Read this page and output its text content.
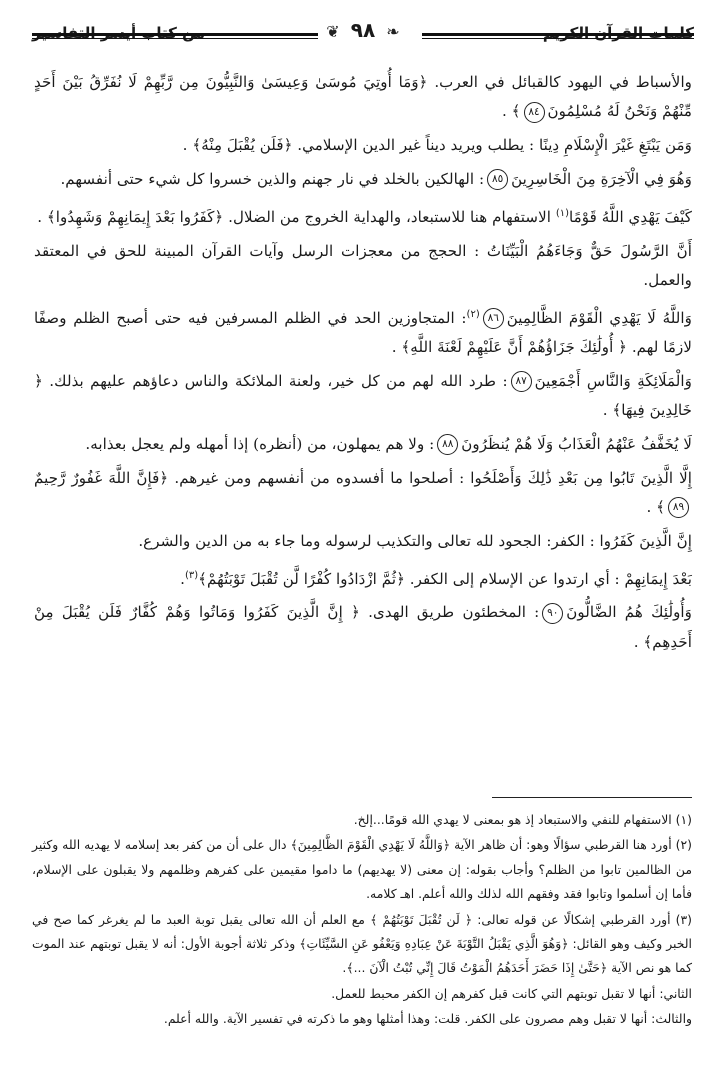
❦ ٩٨ ❧

والأسباط في اليهود كالقبائل في العرب. ﴿وَمَا أُوتِيَ مُوسَىٰ وَعِيسَىٰ وَالنَّبِيُّونَ مِن رَّبِّهِمْ لَا نُفَرِّقُ بَيْنَ أَحَدٍ مِّنْهُمْ وَنَحْنُ لَهُ مُسْلِمُونَ٨٤﴾ .

وَمَن يَبْتَغِ غَيْرَ الْإِسْلَامِ دِينًا : يطلب ويريد ديناً غير الدين الإسلامي. ﴿فَلَن يُقْبَلَ مِنْهُ﴾ .

وَهُوَ فِي الْآخِرَةِ مِنَ الْخَاسِرِينَ٨٥: الهالكين بالخلد في نار جهنم والذين خسروا كل شيء حتى أنفسهم.

كَيْفَ يَهْدِي اللَّهُ قَوْمًا$^{(١)}$ الاستفهام هنا للاستبعاد، والهداية الخروج من الضلال. ﴿كَفَرُوا بَعْدَ إِيمَانِهِمْ وَشَهِدُوا﴾ .

أَنَّ الرَّسُولَ حَقٌّ وَجَاءَهُمُ الْبَيِّنَاتُ : الحجج من معجزات الرسل وآيات القرآن المبينة للحق في المعتقد والعمل.

وَاللَّهُ لَا يَهْدِي الْقَوْمَ الظَّالِمِينَ٨٦$^{(٢)}$: المتجاوزين الحد في الظلم المسرفين فيه حتى أصبح الظلم وصفًا لازمًا لهم. ﴿ أُولَٰئِكَ جَزَاؤُهُمْ أَنَّ عَلَيْهِمْ لَعْنَةَ اللَّهِ﴾ .

وَالْمَلَائِكَةِ وَالنَّاسِ أَجْمَعِينَ٨٧: طرد الله لهم من كل خير، ولعنة الملائكة والناس دعاؤهم عليهم بذلك. ﴿ خَالِدِينَ فِيهَا﴾ .

لَا يُخَفَّفُ عَنْهُمُ الْعَذَابُ وَلَا هُمْ يُنظَرُونَ٨٨: ولا هم يمهلون، من (أنظره) إذا أمهله ولم يعجل بعذابه.

إِلَّا الَّذِينَ تَابُوا مِن بَعْدِ ذَٰلِكَ وَأَصْلَحُوا : أصلحوا ما أفسدوه من أنفسهم ومن غيرهم. ﴿فَإِنَّ اللَّهَ غَفُورٌ رَّحِيمٌ٨٩﴾ .

إِنَّ الَّذِينَ كَفَرُوا : الكفر: الجحود لله تعالى والتكذيب لرسوله وما جاء به من الدين والشرع.

بَعْدَ إِيمَانِهِمْ : أي ارتدوا عن الإسلام إلى الكفر. ﴿ثُمَّ ازْدَادُوا كُفْرًا لَّن تُقْبَلَ تَوْبَتُهُمْ﴾$^{(٣)}$.

وَأُولَٰئِكَ هُمُ الضَّالُّونَ٩٠: المخطئون طريق الهدى. ﴿ إِنَّ الَّذِينَ كَفَرُوا وَمَاتُوا وَهُمْ كُفَّارٌ فَلَن يُقْبَلَ مِنْ أَحَدِهِم﴾ .

(١) الاستفهام للنفي والاستبعاد إذ هو بمعنى لا يهدي الله قومًا...إلخ.

(٢) أورد هنا القرطبي سؤالًا وهو: أن ظاهر الآية ﴿وَاللَّهُ لَا يَهْدِي الْقَوْمَ الظَّالِمِينَ﴾ دال على أن من كفر بعد إسلامه لا يهديه الله وكثير من الظالمين تابوا من الظلم؟ وأجاب بقوله: إن معنى (لا يهديهم) ما داموا مقيمين على كفرهم وظلمهم ولا يقبلون على الإسلام، فأما إن أسلموا وتابوا فقد وفقهم الله لذلك والله أعلم. اهـ كلامه.

(٣) أورد القرطبي إشكالًا عن قوله تعالى: ﴿ لَن تُقْبَلَ تَوْبَتُهُمْ ﴾ مع العلم أن الله تعالى يقبل توبة العبد ما لم يغرغر كما صح في الخبر وكيف وهو القائل: ﴿وَهُوَ الَّذِي يَقْبَلُ التَّوْبَةَ عَنْ عِبَادِهِ وَيَعْفُو عَنِ السَّيِّئَاتِ﴾ وذكر ثلاثة أجوبة الأول: أنه لا يقبل توبتهم عند الموت كما هو نص الآية ﴿حَتَّىٰ إِذَا حَضَرَ أَحَدَهُمُ الْمَوْتُ قَالَ إِنِّي تُبْتُ الْآنَ ...﴾.

الثاني: أنها لا تقبل توبتهم التي كانت قبل كفرهم إن الكفر محبط للعمل.

والثالث: أنها لا تقبل وهم مصرون على الكفر. قلت: وهذا أمثلها وهو ما ذكرته في تفسير الآية. والله أعلم.
